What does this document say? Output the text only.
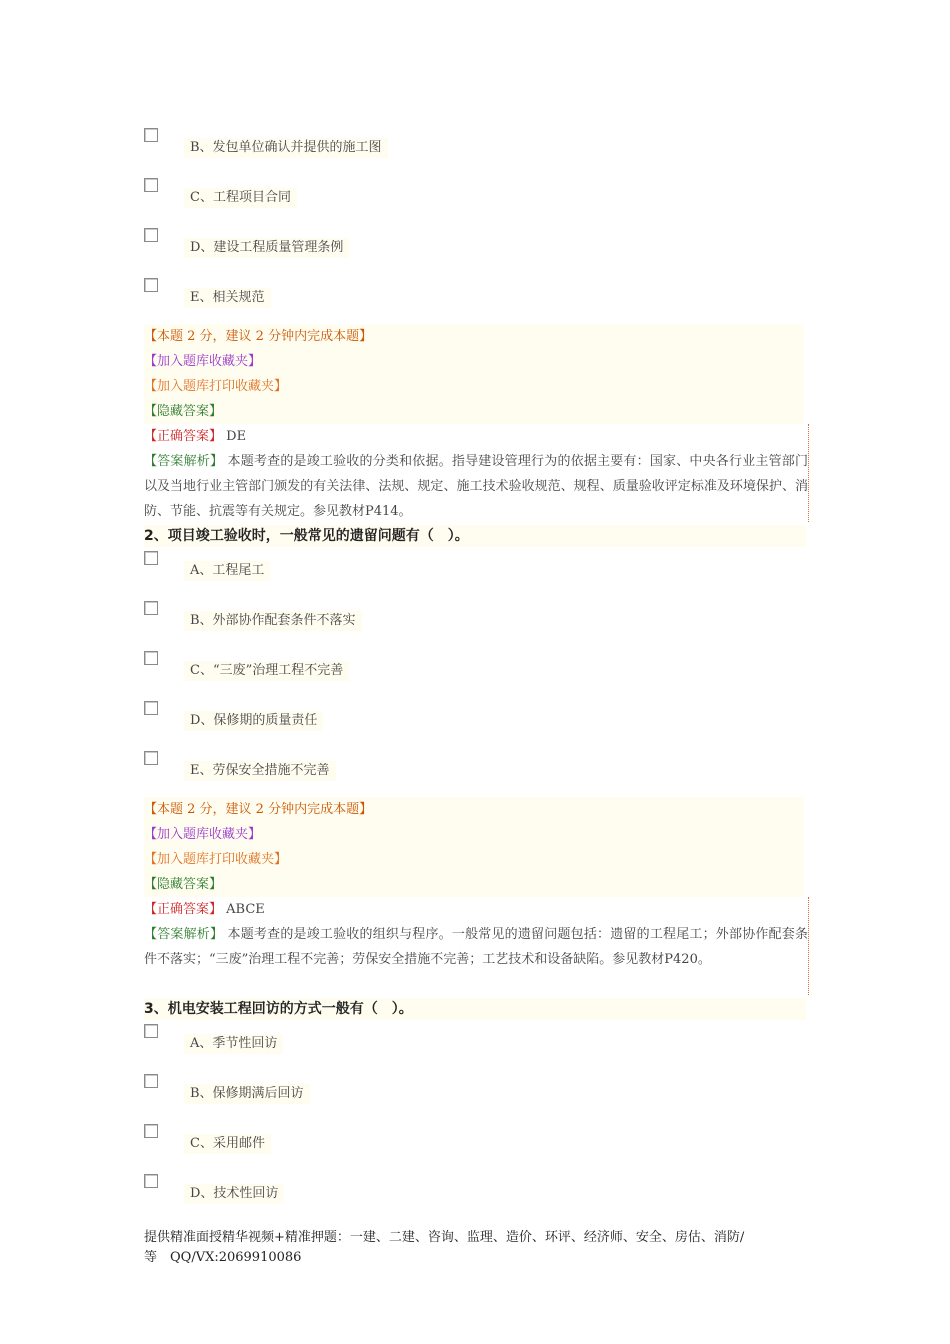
B、发包单位确认并提供的施工图
C、工程项目合同
D、建设工程质量管理条例
E、相关规范
【本题 2 分，建议 2 分钟内完成本题】
【加入题库收藏夹】
【加入题库打印收藏夹】
【隐藏答案】

【正确答案】 DE

【答案解析】 本题考查的是竣工验收的分类和依据。指导建设管理行为的依据主要有：国家、中央各行业主管部门以及当地行业主管部门颁发的有关法律、法规、规定、施工技术验收规范、规程、质量验收评定标准及环境保护、消防、节能、抗震等有关规定。参见教材P414。

2、项目竣工验收时，一般常见的遗留问题有（　）。
A、工程尾工
B、外部协作配套条件不落实
C、“三废”治理工程不完善
D、保修期的质量责任
E、劳保安全措施不完善
【本题 2 分，建议 2 分钟内完成本题】
【加入题库收藏夹】
【加入题库打印收藏夹】
【隐藏答案】

【正确答案】 ABCE

【答案解析】 本题考查的是竣工验收的组织与程序。一般常见的遗留问题包括：遗留的工程尾工；外部协作配套条件不落实；“三废”治理工程不完善；劳保安全措施不完善；工艺技术和设备缺陷。参见教材P420。

3、机电安装工程回访的方式一般有（　）。
A、季节性回访
B、保修期满后回访
C、采用邮件
D、技术性回访
提供精准面授精华视频+精准押题：一建、二建、咨询、监理、造价、环评、经济师、安全、房估、消防/
等　QQ/VX:2069910086
